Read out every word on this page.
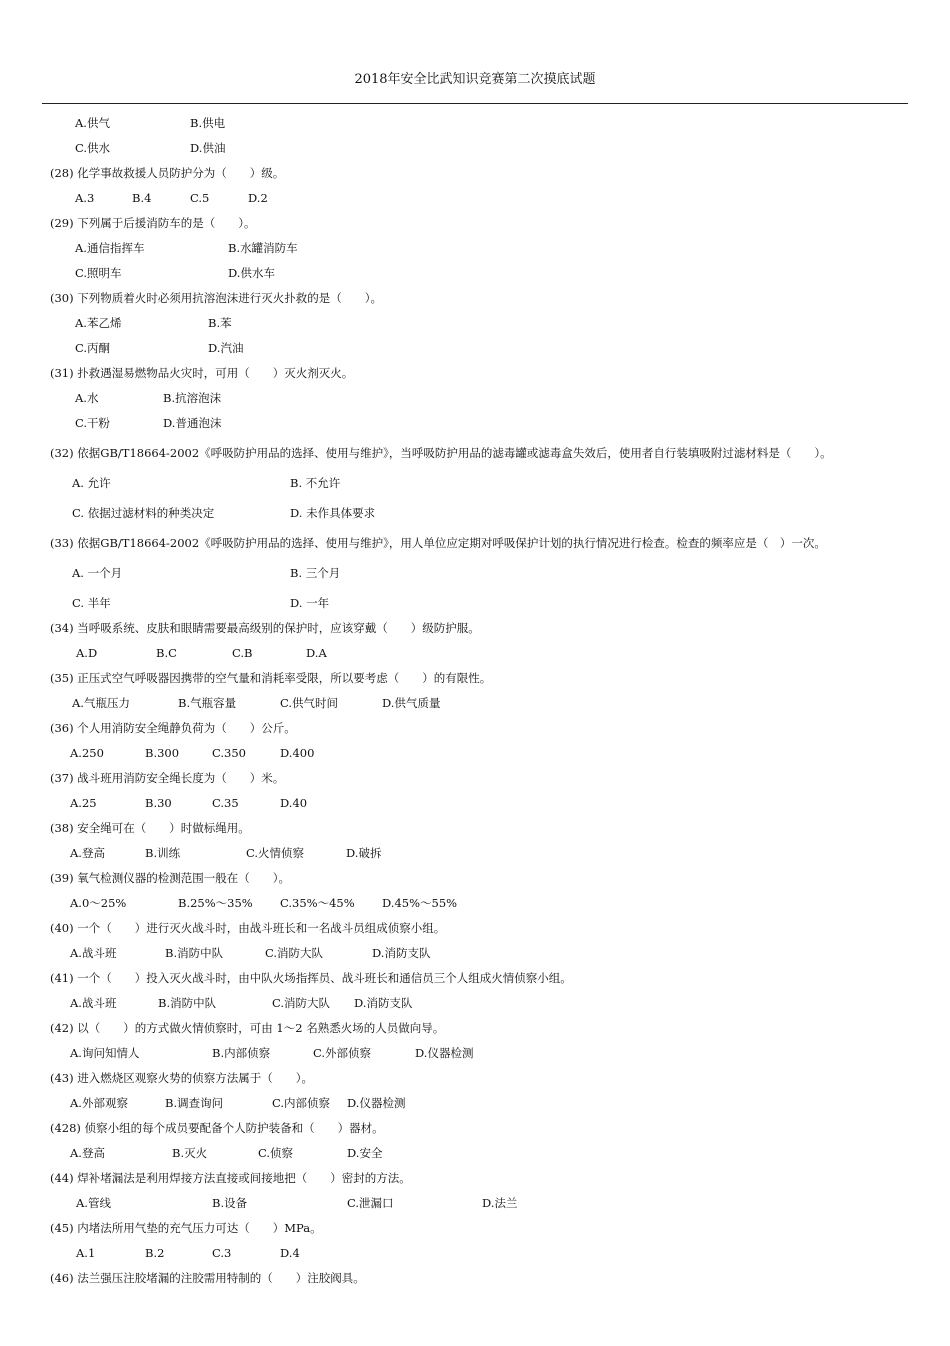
2018年安全比武知识竞赛第二次摸底试题
A.供气	B.供电
C.供水	D.供油
(28) 化学事故救援人员防护分为（　　）级。
A.3	B.4	C.5	D.2
(29) 下列属于后援消防车的是（　　）。
A.通信指挥车	B.水罐消防车
C.照明车	D.供水车
(30) 下列物质着火时必须用抗溶泡沫进行灭火扑救的是（　　）。
A.苯乙烯	B.苯
C.丙酮	D.汽油
(31) 扑救遇湿易燃物品火灾时，可用（　　）灭火剂灭火。
A.水	B.抗溶泡沫
C.干粉	D.普通泡沫
(32) 依据GB/T18664-2002《呼吸防护用品的选择、使用与维护》，当呼吸防护用品的滤毒罐或滤毒盒失效后，使用者自行装填吸附过滤材料是（　　）。
A. 允许	B. 不允许
C. 依据过滤材料的种类决定	D. 未作具体要求
(33) 依据GB/T18664-2002《呼吸防护用品的选择、使用与维护》，用人单位应定期对呼吸保护计划的执行情况进行检查。检查的频率应是（　）一次。
A. 一个月	B. 三个月
C. 半年	D. 一年
(34) 当呼吸系统、皮肤和眼睛需要最高级别的保护时，应该穿戴（　　）级防护服。
A.D	B.C	C.B	D.A
(35) 正压式空气呼吸器因携带的空气量和消耗率受限，所以要考虑（　　）的有限性。
A.气瓶压力	B.气瓶容量	C.供气时间	D.供气质量
(36) 个人用消防安全绳静负荷为（　　）公斤。
A.250	B.300	C.350	D.400
(37) 战斗班用消防安全绳长度为（　　）米。
A.25	B.30	C.35	D.40
(38) 安全绳可在（　　）时做标绳用。
A.登高	B.训练	C.火情侦察	D.破拆
(39) 氧气检测仪器的检测范围一般在（　　）。
A.0～25%	B.25%～35% C.35%～45% D.45%～55%
(40) 一个（　　）进行灭火战斗时，由战斗班长和一名战斗员组成侦察小组。
A.战斗班	B.消防中队	C.消防大队	D.消防支队
(41) 一个（　　）投入灭火战斗时，由中队火场指挥员、战斗班长和通信员三个人组成火情侦察小组。
A.战斗班	B.消防中队	C.消防大队 D.消防支队
(42) 以（　　）的方式做火情侦察时，可由 1～2 名熟悉火场的人员做向导。
A.询问知情人	B.内部侦察	C.外部侦察	D.仪器检测
(43) 进入燃烧区观察火势的侦察方法属于（　　）。
A.外部观察	B.调查询问	C.内部侦察 D.仪器检测
(428) 侦察小组的每个成员要配备个人防护装备和（　　）器材。
A.登高	B.灭火	C.侦察	D.安全
(44) 焊补堵漏法是利用焊接方法直接或间接地把（　　）密封的方法。
A.管线	B.设备	C.泄漏口	D.法兰
(45) 内堵法所用气垫的充气压力可达（　　）MPa。
A.1	B.2	C.3	D.4
(46) 法兰强压注胶堵漏的注胶需用特制的（　　）注胶阀具。
